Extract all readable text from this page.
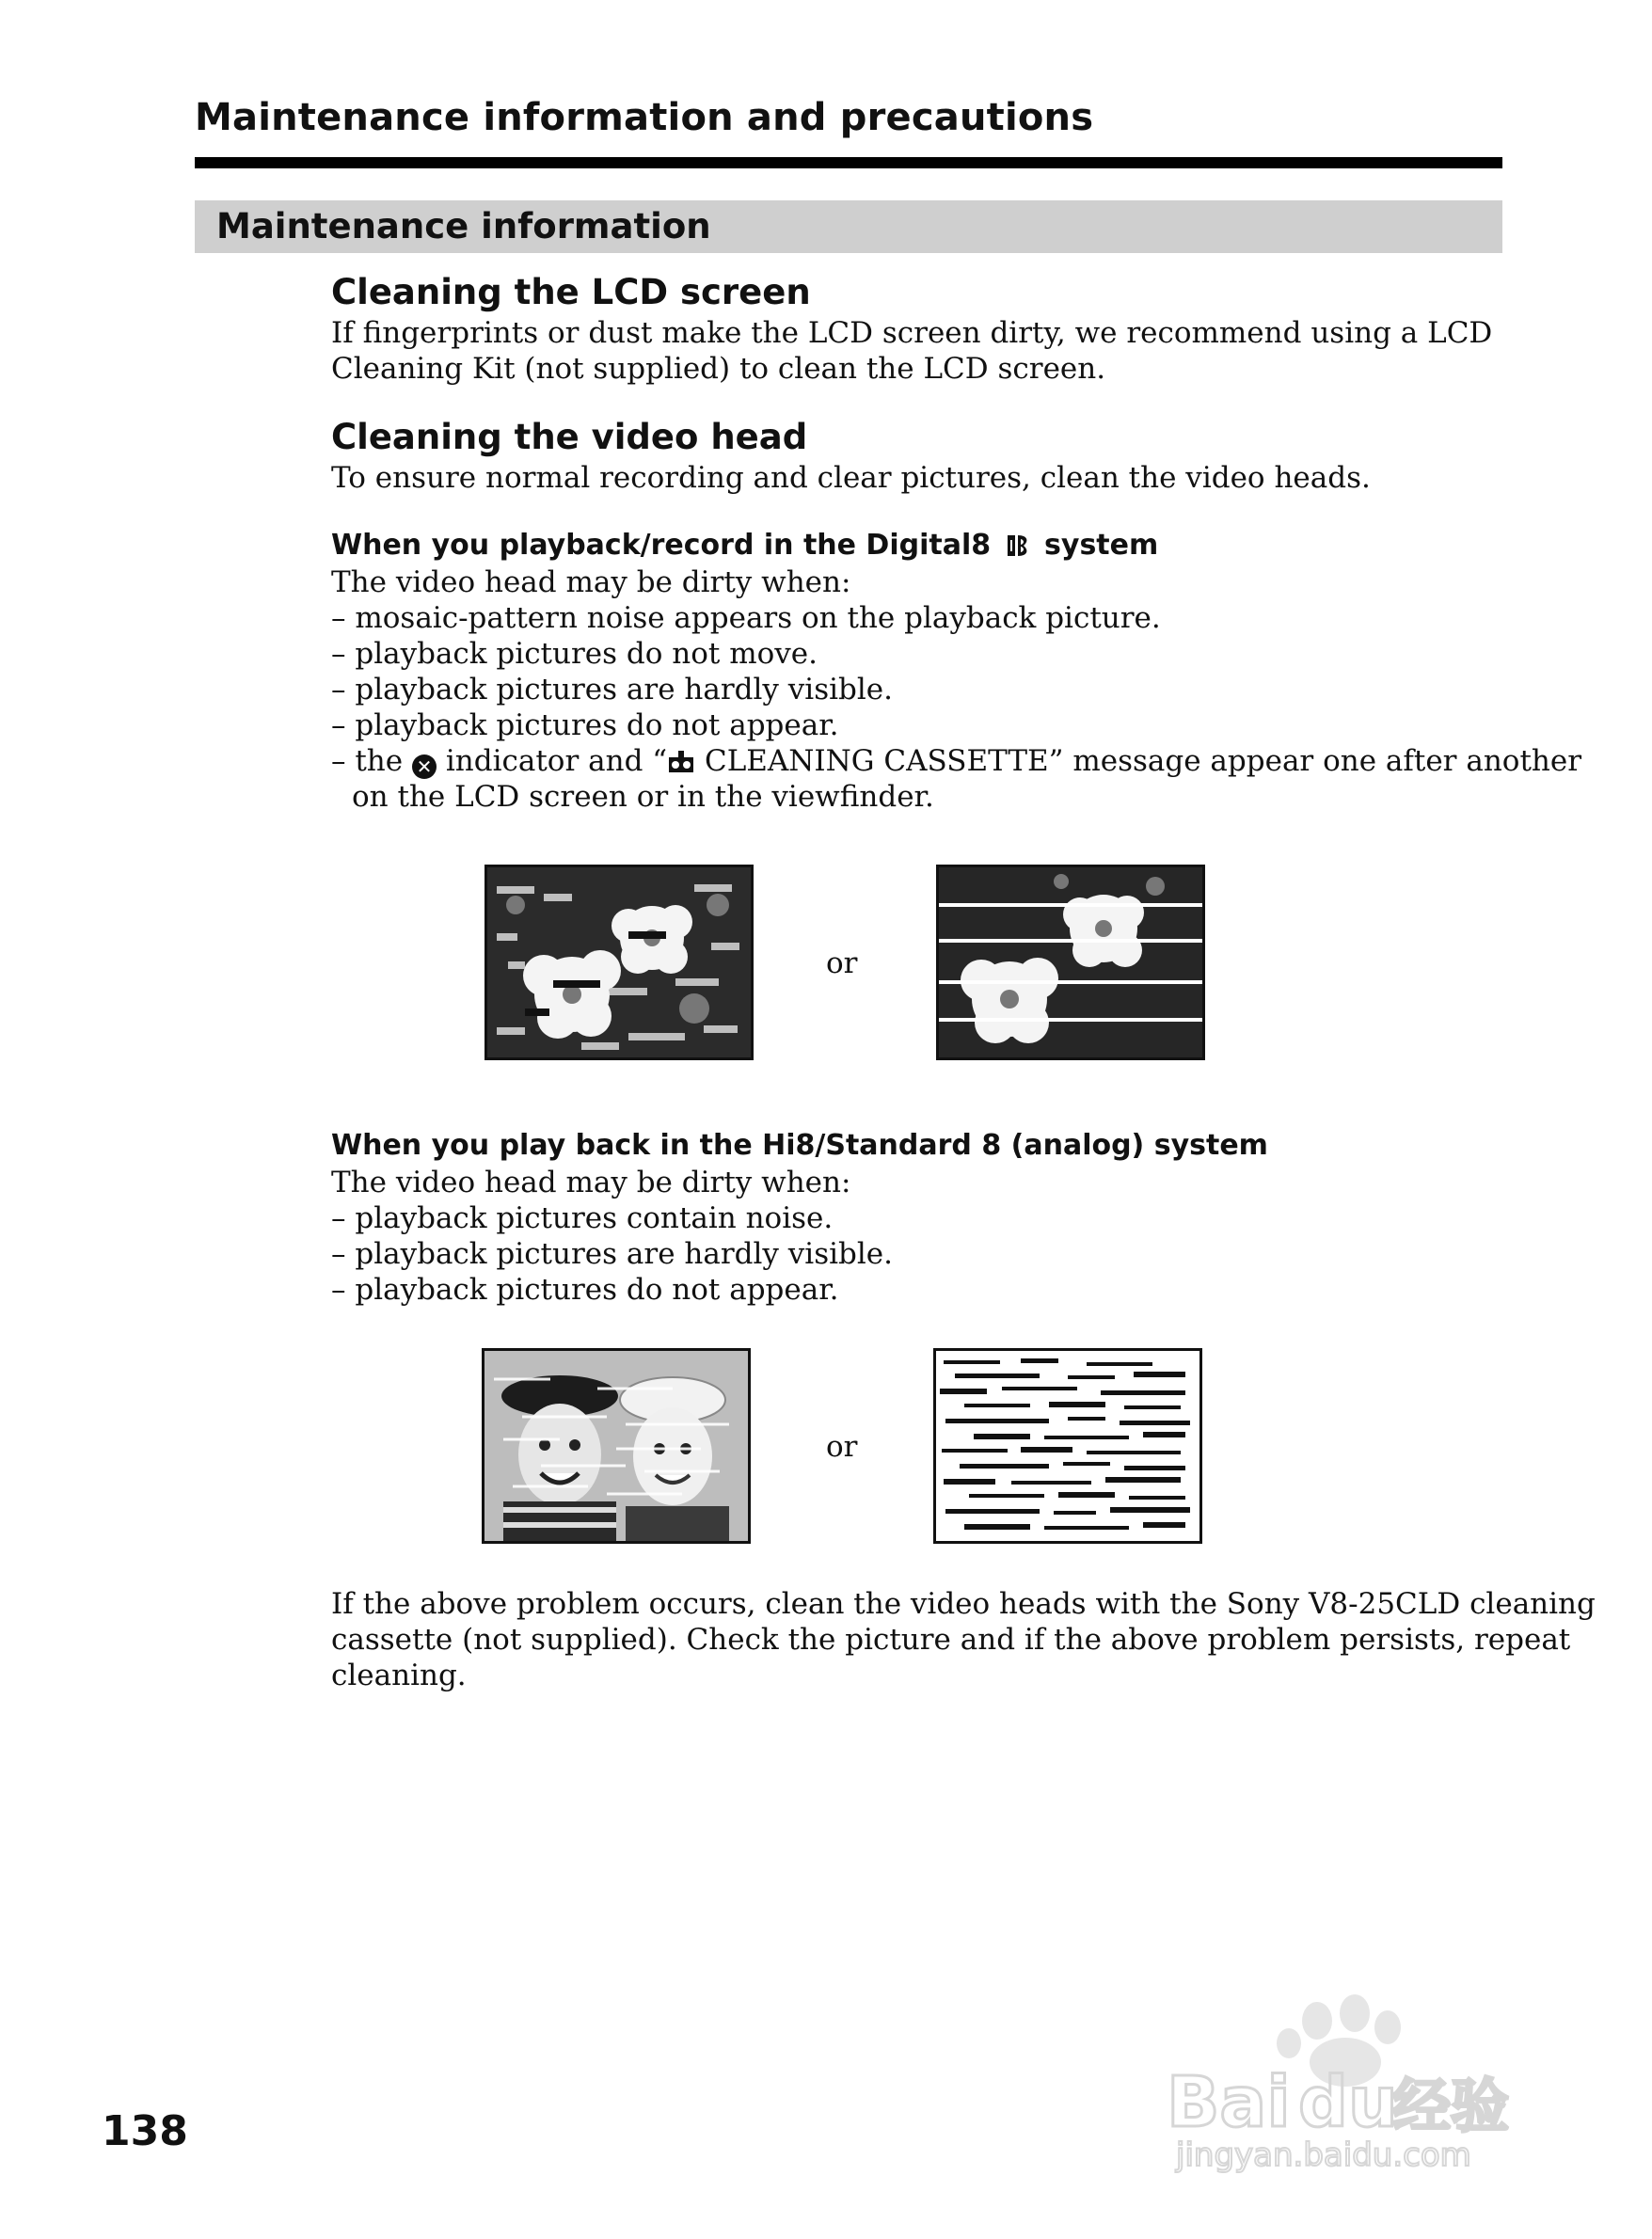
Maintenance information and precautions
Maintenance information
Cleaning the LCD screen
If fingerprints or dust make the LCD screen dirty, we recommend using a LCD
Cleaning Kit (not supplied) to clean the LCD screen.
Cleaning the video head
To ensure normal recording and clear pictures, clean the video heads.
When you playback/record in the Digital8 system
The video head may be dirty when:
– mosaic-pattern noise appears on the playback picture.
– playback pictures do not move.
– playback pictures are hardly visible.
– playback pictures do not appear.
– the ✕ indicator and “ CLEANING CASSETTE” message appear one after another
on the LCD screen or in the viewfinder.
or
When you play back in the Hi8/Standard 8 (analog) system
The video head may be dirty when:
– playback pictures contain noise.
– playback pictures are hardly visible.
– playback pictures do not appear.
or
If the above problem occurs, clean the video heads with the Sony V8-25CLD cleaning
cassette (not supplied). Check the picture and if the above problem persists, repeat
cleaning.
138	Bai du
经验
jingyan.baidu.com
